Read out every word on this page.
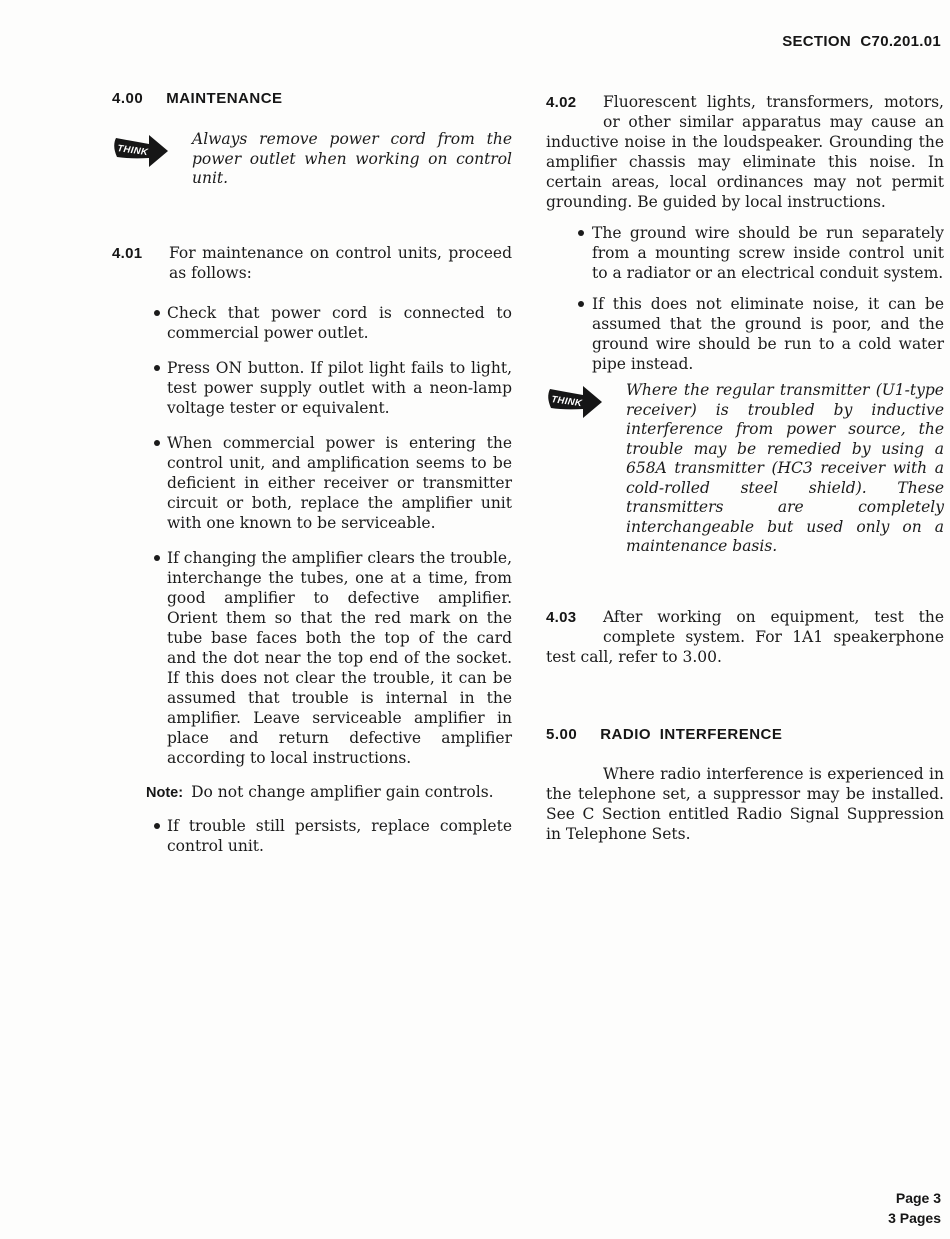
SECTION C70.201.01
4.00 MAINTENANCE
THINK

Always remove power cord from the power outlet when working on control unit.

4.01 For maintenance on control units, proceed as follows:
Check that power cord is connected to commercial power outlet.
Press ON button. If pilot light fails to light, test power supply outlet with a neon-lamp voltage tester or equivalent.
When commercial power is entering the control unit, and amplification seems to be deficient in either receiver or transmitter circuit or both, replace the amplifier unit with one known to be serviceable.
If changing the amplifier clears the trouble, interchange the tubes, one at a time, from good amplifier to defective amplifier. Orient them so that the red mark on the tube base faces both the top of the card and the dot near the top end of the socket. If this does not clear the trouble, it can be assumed that trouble is internal in the amplifier. Leave serviceable amplifier in place and return defective amplifier according to local instructions.
Note: Do not change amplifier gain controls.
If trouble still persists, replace complete control unit.
4.02 Fluorescent lights, transformers, motors, or other similar apparatus may cause an inductive noise in the loudspeaker. Grounding the amplifier chassis may eliminate this noise. In certain areas, local ordinances may not permit grounding. Be guided by local instructions.
The ground wire should be run separately from a mounting screw inside control unit to a radiator or an electrical conduit system.
If this does not eliminate noise, it can be assumed that the ground is poor, and the ground wire should be run to a cold water pipe instead.
THINK

Where the regular transmitter (U1-type receiver) is troubled by inductive interference from power source, the trouble may be remedied by using a 658A transmitter (HC3 receiver with a cold-rolled steel shield). These transmitters are completely interchangeable but used only on a maintenance basis.

4.03 After working on equipment, test the complete system. For 1A1 speakerphone test call, refer to 3.00.
5.00 RADIO INTERFERENCE

Where radio interference is experienced in the telephone set, a suppressor may be installed. See C Section entitled Radio Signal Suppression in Telephone Sets.

Page 3
3 Pages
